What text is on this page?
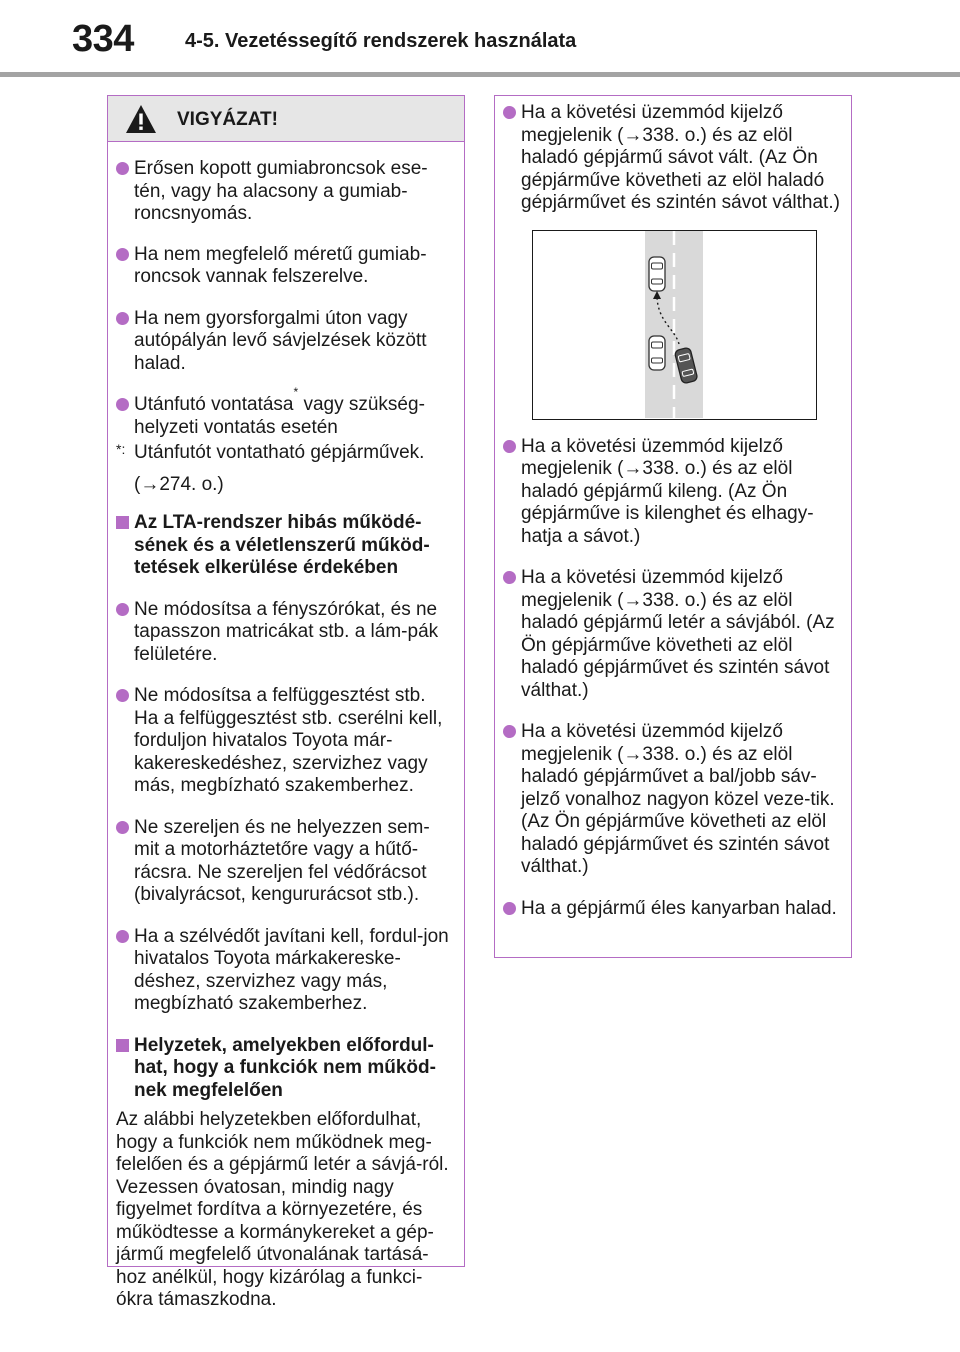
334	4-5. Vezetéssegítő rendszerek használata
VIGYÁZAT!
Erősen kopott gumiabroncsok ese-tén, vagy ha alacsony a gumiab-roncsnyomás.
Ha nem megfelelő méretű gumiab-roncsok vannak felszerelve.
Ha nem gyorsforgalmi úton vagy autópályán levő sávjelzések között halad.
Utánfutó vontatása* vagy szükség-helyzeti vontatás esetén
*: Utánfutót vontatható gépjárművek.
(→274. o.)
Az LTA-rendszer hibás működé-sének és a véletlenszerű működ-tetések elkerülése érdekében
Ne módosítsa a fényszórókat, és ne tapasszon matricákat stb. a lám-pák felületére.
Ne módosítsa a felfüggesztést stb. Ha a felfüggesztést stb. cserélni kell, forduljon hivatalos Toyota már-kakereskedéshez, szervizhez vagy más, megbízható szakemberhez.
Ne szereljen és ne helyezzen sem-mit a motorháztetőre vagy a hűtő-rácsra. Ne szereljen fel védőrácsot (bivalyrácsot, kengururácsot stb.).
Ha a szélvédőt javítani kell, fordul-jon hivatalos Toyota márkakereske-déshez, szervizhez vagy más, megbízható szakemberhez.
Helyzetek, amelyekben előfordul-hat, hogy a funkciók nem működ-nek megfelelően
Az alábbi helyzetekben előfordulhat, hogy a funkciók nem működnek meg-felelően és a gépjármű letér a sávjá-ról. Vezessen óvatosan, mindig nagy figyelmet fordítva a környezetére, és működtesse a kormánykereket a gép-jármű megfelelő útvonalának tartásá-hoz anélkül, hogy kizárólag a funkci-ókra támaszkodna.
Ha a követési üzemmód kijelző megjelenik (→338. o.) és az elöl haladó gépjármű sávot vált. (Az Ön gépjárműve követheti az elöl haladó gépjárművet és szintén sávot válthat.)
Ha a követési üzemmód kijelző megjelenik (→338. o.) és az elöl haladó gépjármű kileng. (Az Ön gépjárműve is kilenghet és elhagy-hatja a sávot.)
Ha a követési üzemmód kijelző megjelenik (→338. o.) és az elöl haladó gépjármű letér a sávjából. (Az Ön gépjárműve követheti az elöl haladó gépjárművet és szintén sávot válthat.)
Ha a követési üzemmód kijelző megjelenik (→338. o.) és az elöl haladó gépjárművet a bal/jobb sáv-jelző vonalhoz nagyon közel veze-tik. (Az Ön gépjárműve követheti az elöl haladó gépjárművet és szintén sávot válthat.)
Ha a gépjármű éles kanyarban halad.
